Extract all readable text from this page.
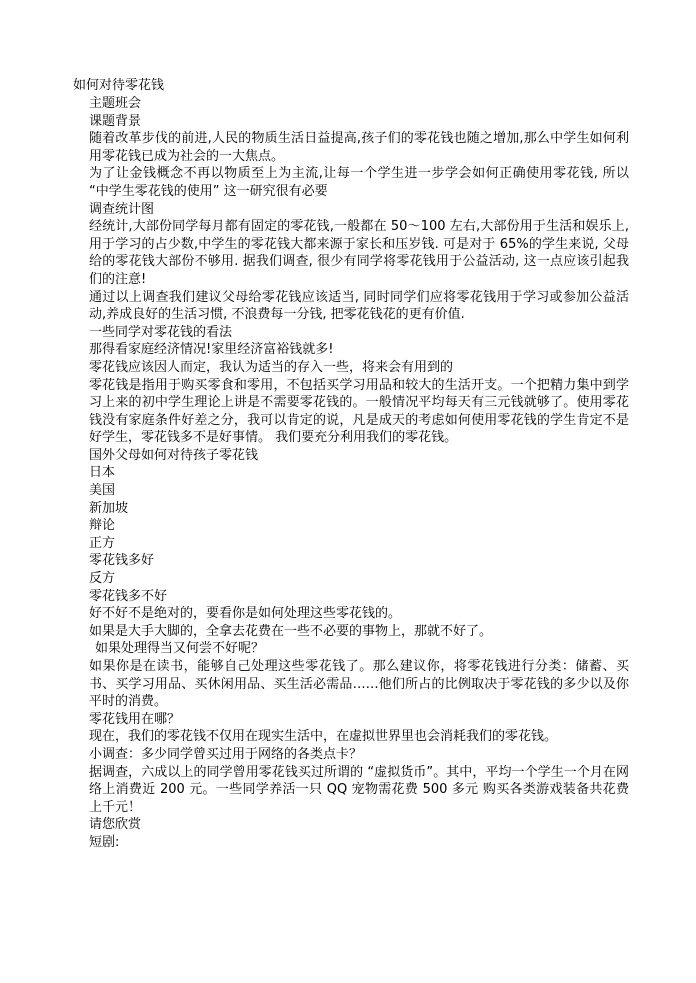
如何对待零花钱
主题班会
课题背景
随着改革步伐的前进,人民的物质生活日益提高,孩子们的零花钱也随之增加,那么中学生如何利用零花钱已成为社会的一大焦点。
为了让金钱概念不再以物质至上为主流,让每一个学生进一步学会如何正确使用零花钱, 所以 “中学生零花钱的使用” 这一研究很有必要
调查统计图
经统计,大部份同学每月都有固定的零花钱,一般都在 50～100 左右,大部份用于生活和娱乐上,用于学习的占少数,中学生的零花钱大都来源于家长和压岁钱. 可是对于 65%的学生来说, 父母给的零花钱大部份不够用. 据我们调查, 很少有同学将零花钱用于公益活动, 这一点应该引起我们的注意!
通过以上调查我们建议父母给零花钱应该适当, 同时同学们应将零花钱用于学习或参加公益活动,养成良好的生活习惯, 不浪费每一分钱, 把零花钱花的更有价值.
一些同学对零花钱的看法
那得看家庭经济情况!家里经济富裕钱就多!
零花钱应该因人而定，我认为适当的存入一些，将来会有用到的
零花钱是指用于购买零食和零用，不包括买学习用品和较大的生活开支。一个把精力集中到学习上来的初中学生理论上讲是不需要零花钱的。一般情况平均每天有三元钱就够了。使用零花钱没有家庭条件好差之分，我可以肯定的说，凡是成天的考虑如何使用零花钱的学生肯定不是好学生，零花钱多不是好事情。 我们要充分利用我们的零花钱。
国外父母如何对待孩子零花钱
日本
美国
新加坡
辩论
正方
零花钱多好
反方
零花钱多不好
好不好不是绝对的，要看你是如何处理这些零花钱的。
如果是大手大脚的，全拿去花费在一些不必要的事物上，那就不好了。
如果处理得当又何尝不好呢？
如果你是在读书，能够自己处理这些零花钱了。那么建议你，将零花钱进行分类：储蓄、买书、买学习用品、买休闲用品、买生活必需品……他们所占的比例取决于零花钱的多少以及你平时的消费。
零花钱用在哪？
现在，我们的零花钱不仅用在现实生活中，在虚拟世界里也会消耗我们的零花钱。
小调查：多少同学曾买过用于网络的各类点卡？
据调查，六成以上的同学曾用零花钱买过所谓的 “虚拟货币”。其中，平均一个学生一个月在网络上消费近 200 元。一些同学养活一只 QQ 宠物需花费 500 多元 购买各类游戏装备共花费上千元！
请您欣赏
短剧:
